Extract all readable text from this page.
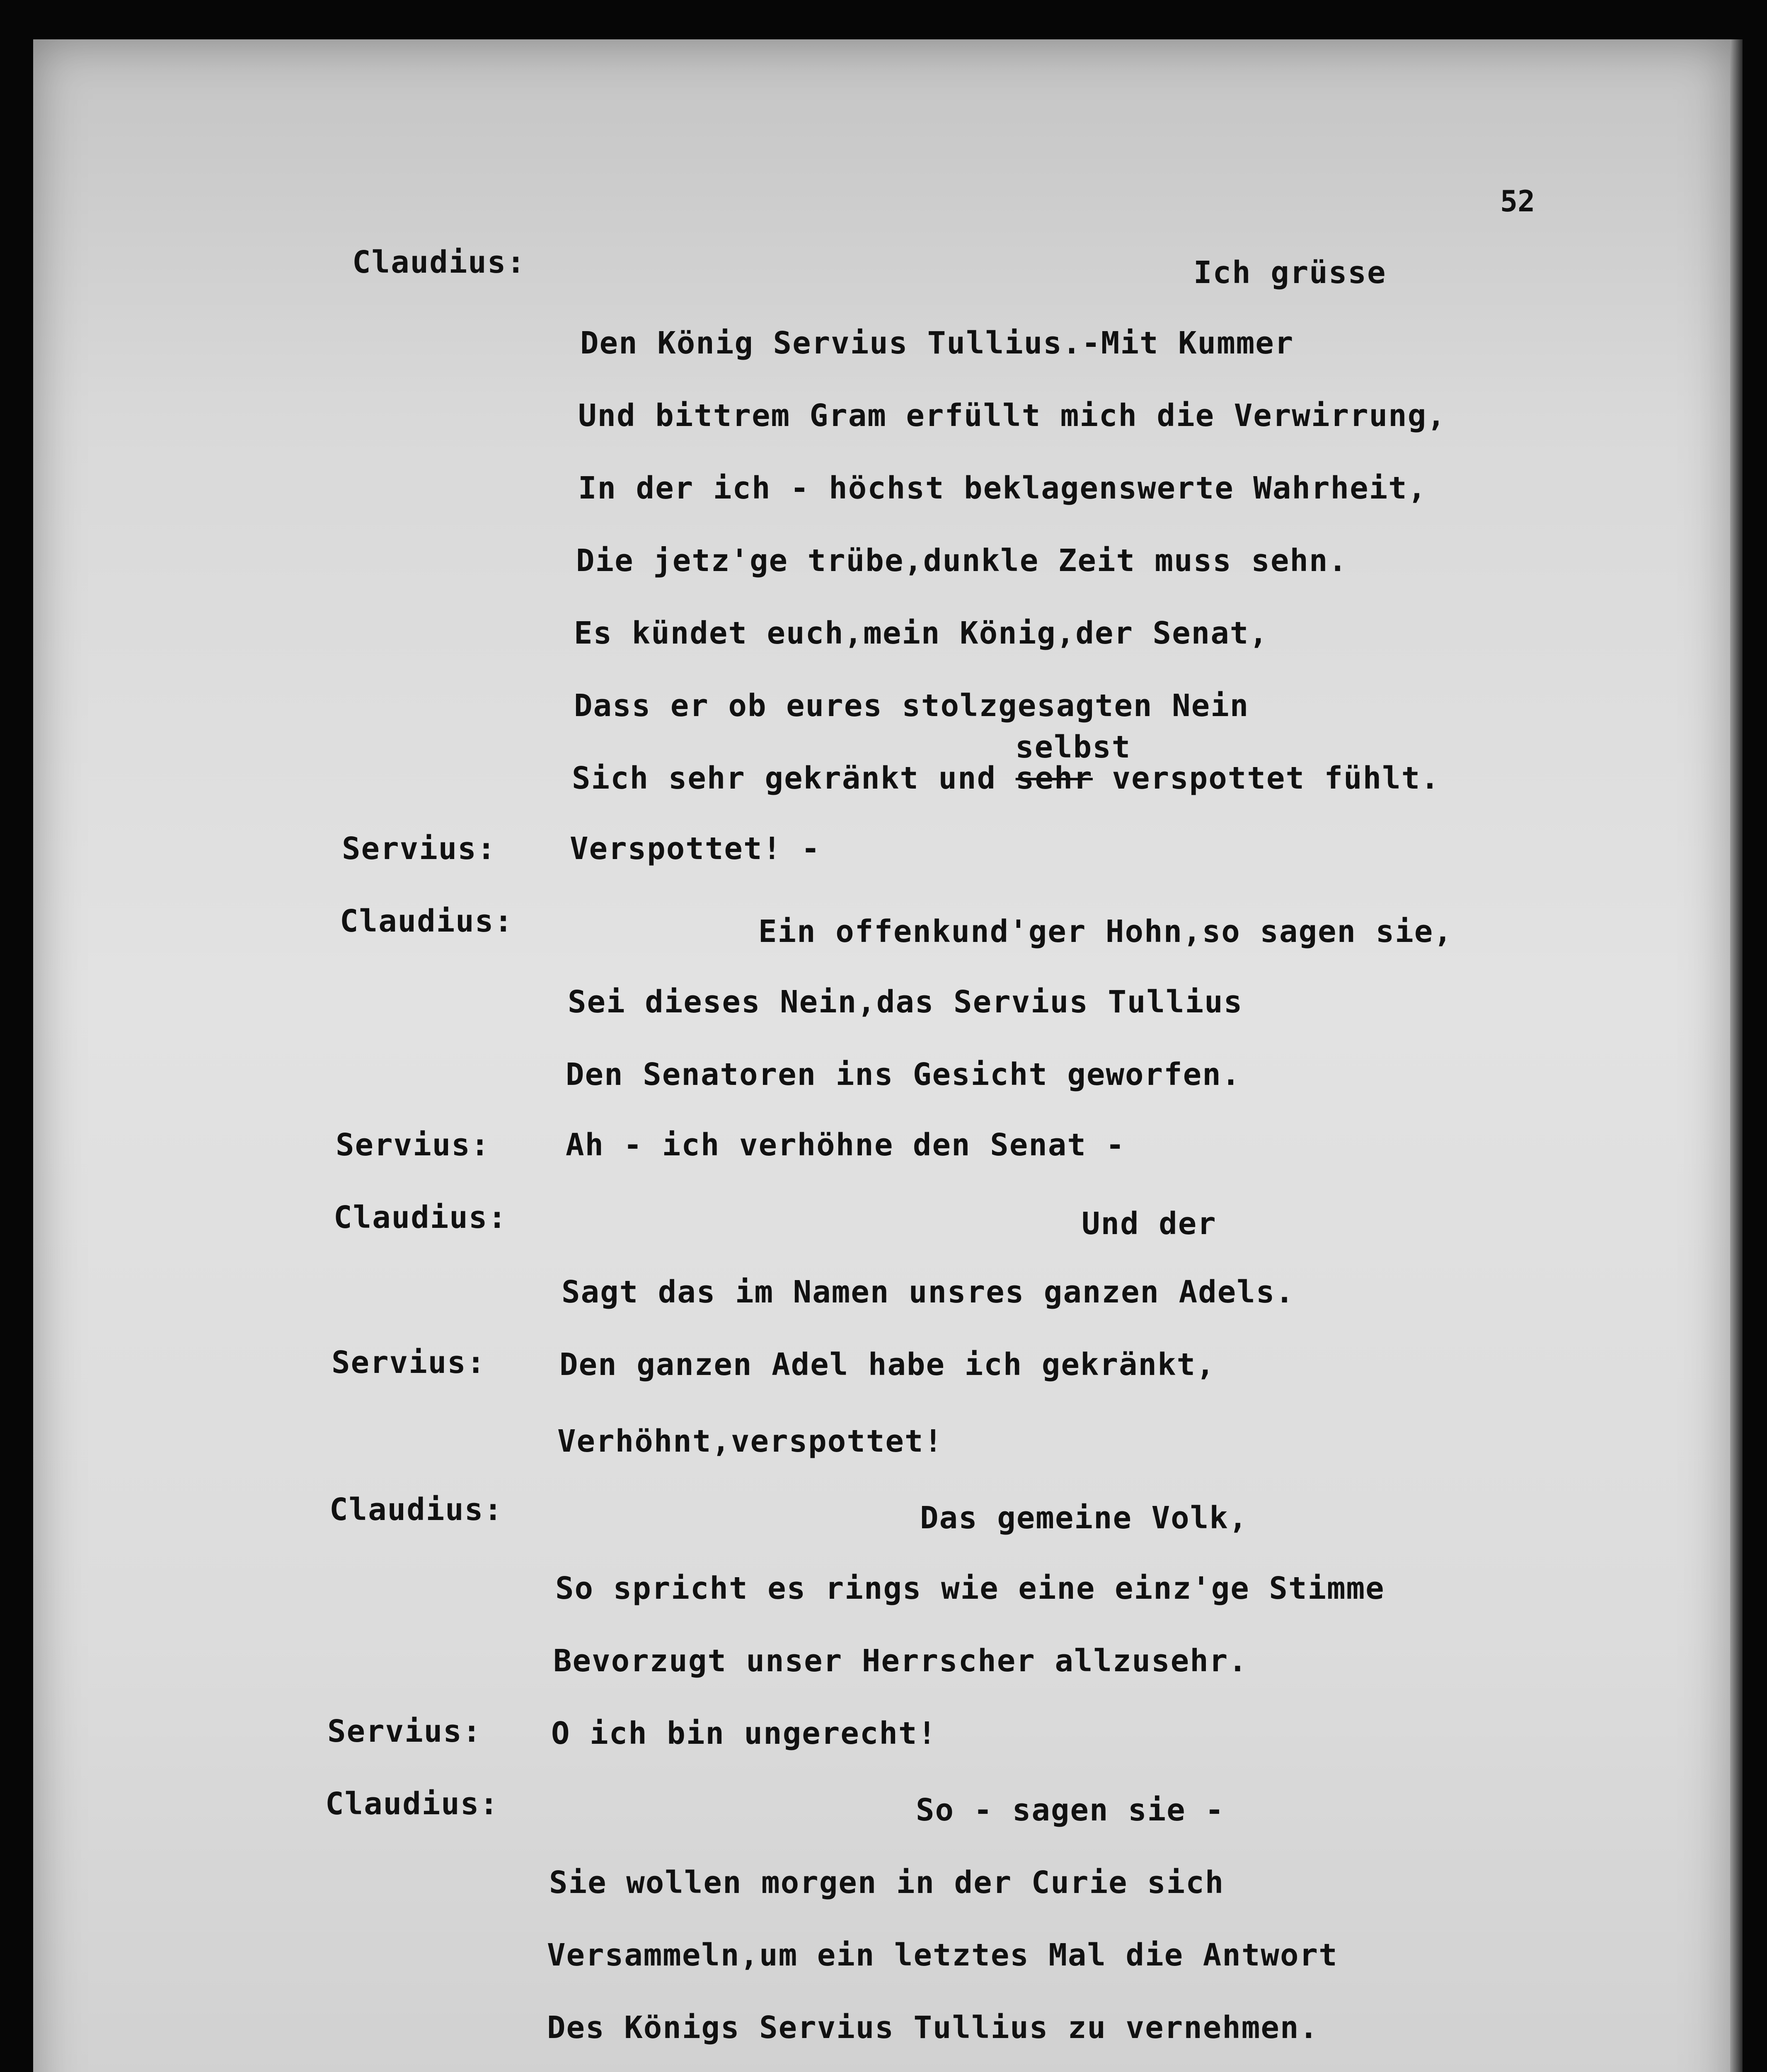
52
Claudius:	Ich grüsse
Den König Servius Tullius.-Mit Kummer
Und bittrem Gram erfüllt mich die Verwirrung,
In der ich - höchst beklagenswerte Wahrheit,
Die jetz'ge trübe,dunkle Zeit muss sehn.
Es kündet euch,mein König,der Senat,
Dass er ob eures stolzgesagten Nein
selbst
Sich sehr gekränkt und sehr verspottet fühlt.
Servius: Verspottet! -
Claudius:	Ein offenkund'ger Hohn,so sagen sie,
Sei dieses Nein,das Servius Tullius
Den Senatoren ins Gesicht geworfen.
Servius: Ah - ich verhöhne den Senat -
Claudius:	Und der
Sagt das im Namen unsres ganzen Adels.
Servius: Den ganzen Adel habe ich gekränkt,
Verhöhnt,verspottet!
Claudius:	Das gemeine Volk,
So spricht es rings wie eine einz'ge Stimme
Bevorzugt unser Herrscher allzusehr.
Servius: O ich bin ungerecht!
Claudius:	So - sagen sie -
Sie wollen morgen in der Curie sich
Versammeln,um ein letztes Mal die Antwort
Des Königs Servius Tullius zu vernehmen.
